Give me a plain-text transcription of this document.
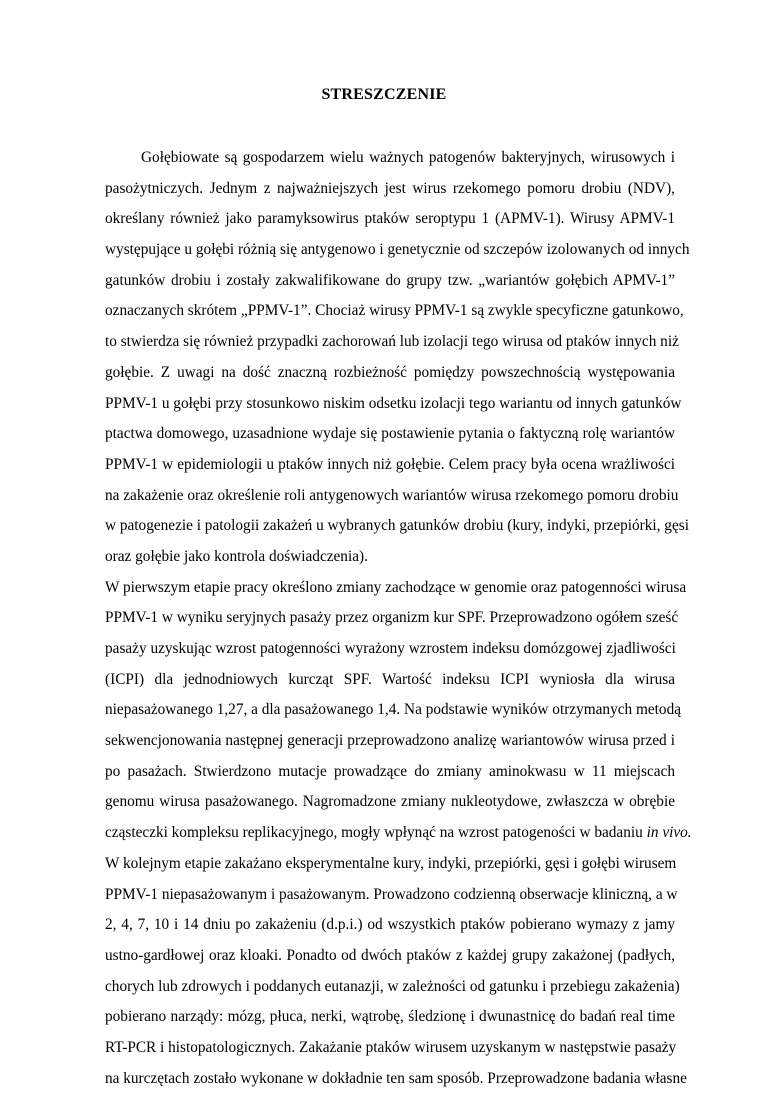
STRESZCZENIE
Gołębiowate są gospodarzem wielu ważnych patogenów bakteryjnych, wirusowych i
pasożytniczych. Jednym z najważniejszych jest wirus rzekomego pomoru drobiu (NDV),
określany również jako paramyksowirus ptaków seroptypu 1 (APMV-1). Wirusy APMV-1
występujące u gołębi różnią się antygenowo i genetycznie od szczepów izolowanych od innych
gatunków drobiu i zostały zakwalifikowane do grupy tzw. „wariantów gołębich APMV-1”
oznaczanych skrótem „PPMV-1”. Chociaż wirusy PPMV-1 są zwykle specyficzne gatunkowo,
to stwierdza się również przypadki zachorowań lub izolacji tego wirusa od ptaków innych niż
gołębie. Z uwagi na dość znaczną rozbieżność pomiędzy powszechnością występowania
PPMV-1 u gołębi przy stosunkowo niskim odsetku izolacji tego wariantu od innych gatunków
ptactwa domowego, uzasadnione wydaje się postawienie pytania o faktyczną rolę wariantów
PPMV-1 w epidemiologii u ptaków innych niż gołębie. Celem pracy była ocena wrażliwości
na zakażenie oraz określenie roli antygenowych wariantów wirusa rzekomego pomoru drobiu
w patogenezie i patologii zakażeń u wybranych gatunków drobiu (kury, indyki, przepiórki, gęsi
oraz gołębie jako kontrola doświadczenia).
W pierwszym etapie pracy określono zmiany zachodzące w genomie oraz patogenności wirusa
PPMV-1 w wyniku seryjnych pasaży przez organizm kur SPF. Przeprowadzono ogółem sześć
pasaży uzyskując wzrost patogenności wyrażony wzrostem indeksu domózgowej zjadliwości
(ICPI) dla jednodniowych kurcząt SPF. Wartość indeksu ICPI wyniosła dla wirusa
niepasażowanego 1,27, a dla pasażowanego 1,4. Na podstawie wyników otrzymanych metodą
sekwencjonowania następnej generacji przeprowadzono analizę wariantowów wirusa przed i
po pasażach. Stwierdzono mutacje prowadzące do zmiany aminokwasu w 11 miejscach
genomu wirusa pasażowanego. Nagromadzone zmiany nukleotydowe, zwłaszcza w obrębie
cząsteczki kompleksu replikacyjnego, mogły wpłynąć na wzrost patogeności w badaniu in vivo.
W kolejnym etapie zakażano eksperymentalne kury, indyki, przepiórki, gęsi i gołębi wirusem
PPMV-1 niepasażowanym i pasażowanym. Prowadzono codzienną obserwacje kliniczną, a w
2, 4, 7, 10 i 14 dniu po zakażeniu (d.p.i.) od wszystkich ptaków pobierano wymazy z jamy
ustno-gardłowej oraz kloaki. Ponadto od dwóch ptaków z każdej grupy zakażonej (padłych,
chorych lub zdrowych i poddanych eutanazji, w zależności od gatunku i przebiegu zakażenia)
pobierano narządy: mózg, płuca, nerki, wątrobę, śledzionę i dwunastnicę do badań real time
RT-PCR i histopatologicznych. Zakażanie ptaków wirusem uzyskanym w następstwie pasaży
na kurczętach zostało wykonane w dokładnie ten sam sposób. Przeprowadzone badania własne
